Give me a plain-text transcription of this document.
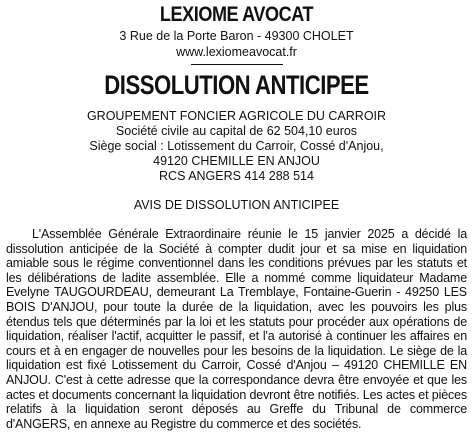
LEXIOME AVOCAT
3 Rue de la Porte Baron - 49300 CHOLET
www.lexiomeavocat.fr
DISSOLUTION ANTICIPEE
GROUPEMENT FONCIER AGRICOLE DU CARROIR
Société civile au capital de 62 504,10 euros
Siège social : Lotissement du Carroir, Cossé d'Anjou,
49120 CHEMILLE EN ANJOU
RCS ANGERS 414 288 514
AVIS DE DISSOLUTION ANTICIPEE

L'Assemblée Générale Extraordinaire réunie le 15 janvier 2025 a décidé la dissolution anticipée de la Société à compter dudit jour et sa mise en liquidation amiable sous le régime conventionnel dans les conditions prévues par les statuts et les délibérations de ladite assemblée. Elle a nommé comme liquidateur Madame Evelyne TAUGOURDEAU, demeurant La Tremblaye, Fontaine-Guerin - 49250 LES BOIS D'ANJOU, pour toute la durée de la liquidation, avec les pouvoirs les plus étendus tels que déterminés par la loi et les statuts pour procéder aux opérations de liquidation, réaliser l'actif, acquitter le passif, et l'a autorisé à continuer les affaires en cours et à en engager de nouvelles pour les besoins de la liquidation. Le siège de la liquidation est fixé Lotissement du Carroir, Cossé d'Anjou – 49120 CHEMILLE EN ANJOU. C'est à cette adresse que la correspondance devra être envoyée et que les actes et documents concernant la liquidation devront être notifiés. Les actes et pièces relatifs à la liquidation seront déposés au Greffe du Tribunal de commerce d'ANGERS, en annexe au Registre du commerce et des sociétés.
